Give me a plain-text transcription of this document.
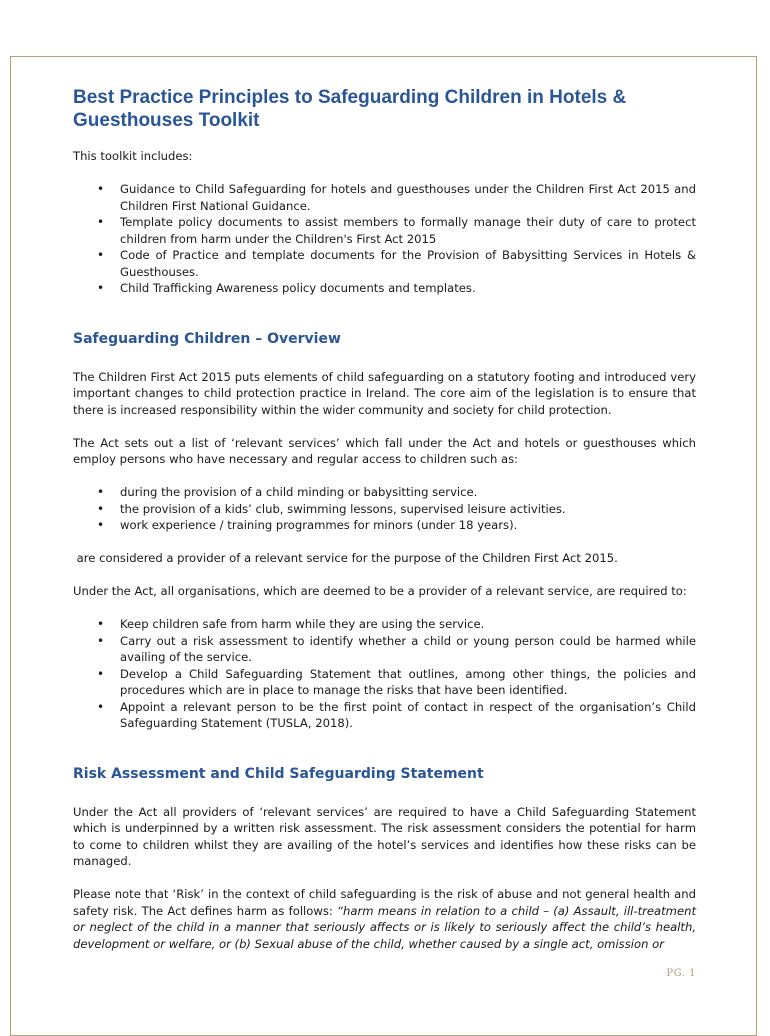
Best Practice Principles to Safeguarding Children in Hotels & Guesthouses Toolkit

This toolkit includes:

• Guidance to Child Safeguarding for hotels and guesthouses under the Children First Act 2015 and Children First National Guidance.
• Template policy documents to assist members to formally manage their duty of care to protect children from harm under the Children's First Act 2015
• Code of Practice and template documents for the Provision of Babysitting Services in Hotels & Guesthouses.
• Child Trafficking Awareness policy documents and templates.
Safeguarding Children – Overview

The Children First Act 2015 puts elements of child safeguarding on a statutory footing and introduced very important changes to child protection practice in Ireland. The core aim of the legislation is to ensure that there is increased responsibility within the wider community and society for child protection.

The Act sets out a list of ‘relevant services’ which fall under the Act and hotels or guesthouses which employ persons who have necessary and regular access to children such as:

• during the provision of a child minding or babysitting service.
• the provision of a kids’ club, swimming lessons, supervised leisure activities.
• work experience / training programmes for minors (under 18 years).

are considered a provider of a relevant service for the purpose of the Children First Act 2015.

Under the Act, all organisations, which are deemed to be a provider of a relevant service, are required to:

• Keep children safe from harm while they are using the service.
• Carry out a risk assessment to identify whether a child or young person could be harmed while availing of the service.
• Develop a Child Safeguarding Statement that outlines, among other things, the policies and procedures which are in place to manage the risks that have been identified.
• Appoint a relevant person to be the first point of contact in respect of the organisation’s Child Safeguarding Statement (TUSLA, 2018).
Risk Assessment and Child Safeguarding Statement

Under the Act all providers of ‘relevant services’ are required to have a Child Safeguarding Statement which is underpinned by a written risk assessment. The risk assessment considers the potential for harm to come to children whilst they are availing of the hotel’s services and identifies how these risks can be managed.

Please note that ‘Risk’ in the context of child safeguarding is the risk of abuse and not general health and safety risk. The Act defines harm as follows: “harm means in relation to a child – (a) Assault, ill-treatment or neglect of the child in a manner that seriously affects or is likely to seriously affect the child’s health, development or welfare, or (b) Sexual abuse of the child, whether caused by a single act, omission or

PG. 1
